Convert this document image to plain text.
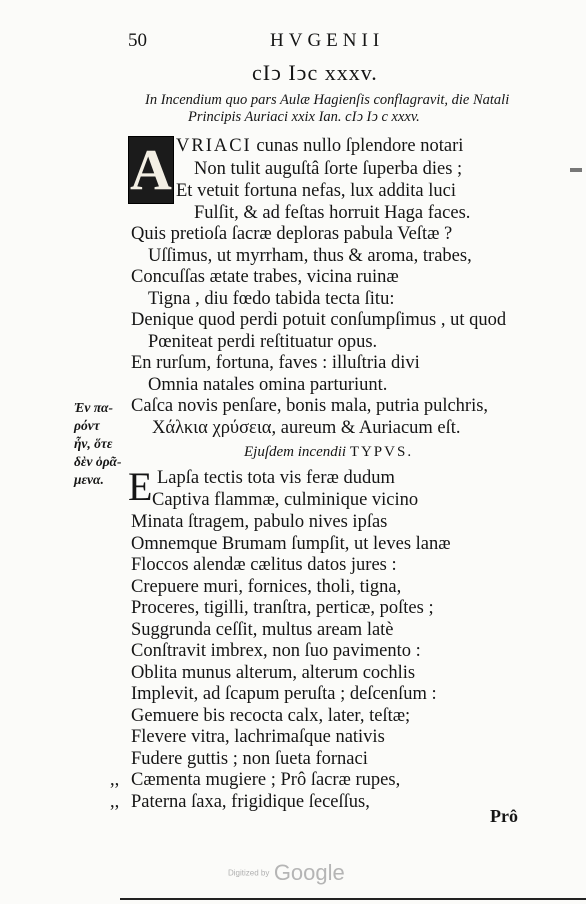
50	HVGENII
cIↄ Iↄc xxxv.
In Incendium quo pars Aulæ Hagienſis conflagravit, die Natali
Principis Auriaci xxix Ian. cIↄ Iↄ c xxxv.
A VRIACI cunas nullo ſplendore notari
Non tulit auguſtâ ſorte ſuperba dies ;
Et vetuit fortuna nefas, lux addita luci
Fulſit, & ad feſtas horruit Haga faces.
Quis pretioſa ſacræ deploras pabula Veſtæ ?
Uſſimus, ut myrrham, thus & aroma, trabes,
Concuſſas ætate trabes, vicina ruinæ
Tigna , diu fœdo tabida tecta ſitu:
Denique quod perdi potuit conſumpſimus , ut quod
Pœniteat perdi reſtituatur opus.
En rurſum, fortuna, faves : illuſtria divi
Omnia natales omina parturiunt.
Caſca novis penſare, bonis mala, putria pulchris,
Χάλκια χρύσεια, aureum & Auriacum eſt.
Ἐν πα-
ρόντ
ἦν, ὅτε
δὲν ὁρᾶ-
μενα.
Ejuſdem incendii TYPVS.
E Lapſa tectis tota vis feræ dudum
Captiva flammæ, culminique vicino
Minata ſtragem, pabulo nives ipſas
Omnemque Brumam ſumpſit, ut leves lanæ
Floccos alendæ cælitus datos jures :
Crepuere muri, fornices, tholi, tigna,
Proceres, tigilli, tranſtra, perticæ, poſtes ;
Suggrunda ceſſit, multus aream latè
Conſtravit imbrex, non ſuo pavimento :
Oblita munus alterum, alterum cochlis
Implevit, ad ſcapum peruſta ; deſcenſum :
Gemuere bis recocta calx, later, teſtæ;
Flevere vitra, lachrimaſque nativis
Fudere guttis ; non ſueta fornaci
,, Cæmenta mugiere ; Prô ſacræ rupes,
,, Paterna ſaxa, frigidique ſeceſſus,
Prô
Digitized by Google
